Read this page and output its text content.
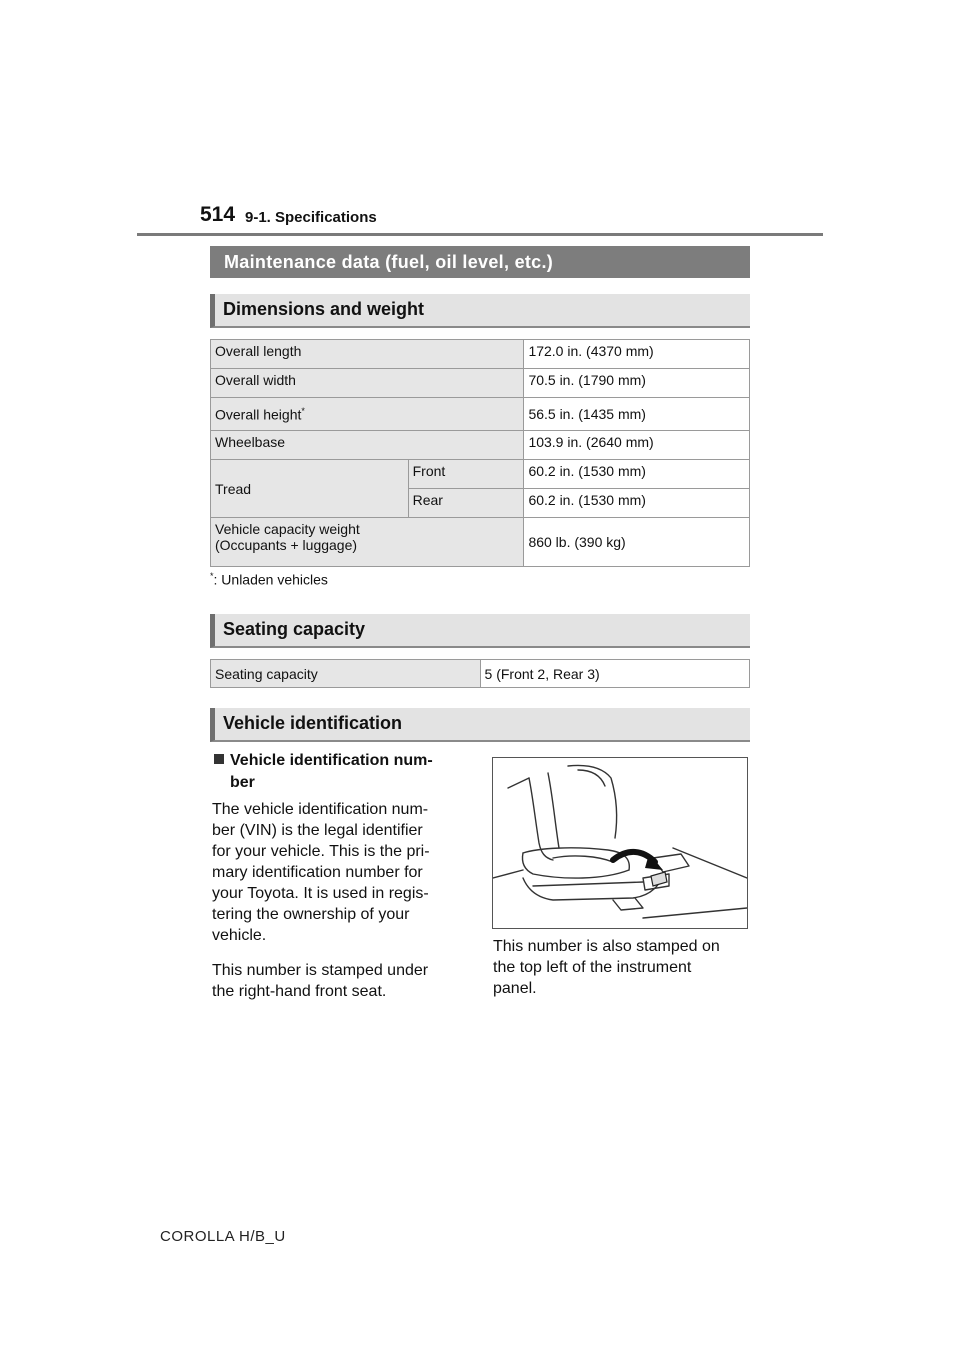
514 9-1. Specifications
Maintenance data (fuel, oil level, etc.)
Dimensions and weight
Overall length		172.0 in. (4370 mm)
Overall width		70.5 in. (1790 mm)
Overall height*		56.5 in. (1435 mm)
Wheelbase		103.9 in. (2640 mm)
Tread	Front	60.2 in. (1530 mm)
	Rear	60.2 in. (1530 mm)

Vehicle capacity weight
(Occupants + luggage)		860 lb. (390 kg)
*: Unladen vehicles
Seating capacity
Seating capacity	5 (Front 2, Rear 3)
Vehicle identification
Vehicle identification num-
ber
The vehicle identification num-
ber (VIN) is the legal identifier
for your vehicle. This is the pri-
mary identification number for
your Toyota. It is used in regis-
tering the ownership of your
vehicle.
This number is stamped under
the right-hand front seat.
This number is also stamped on
the top left of the instrument
panel.
COROLLA H/B_U
